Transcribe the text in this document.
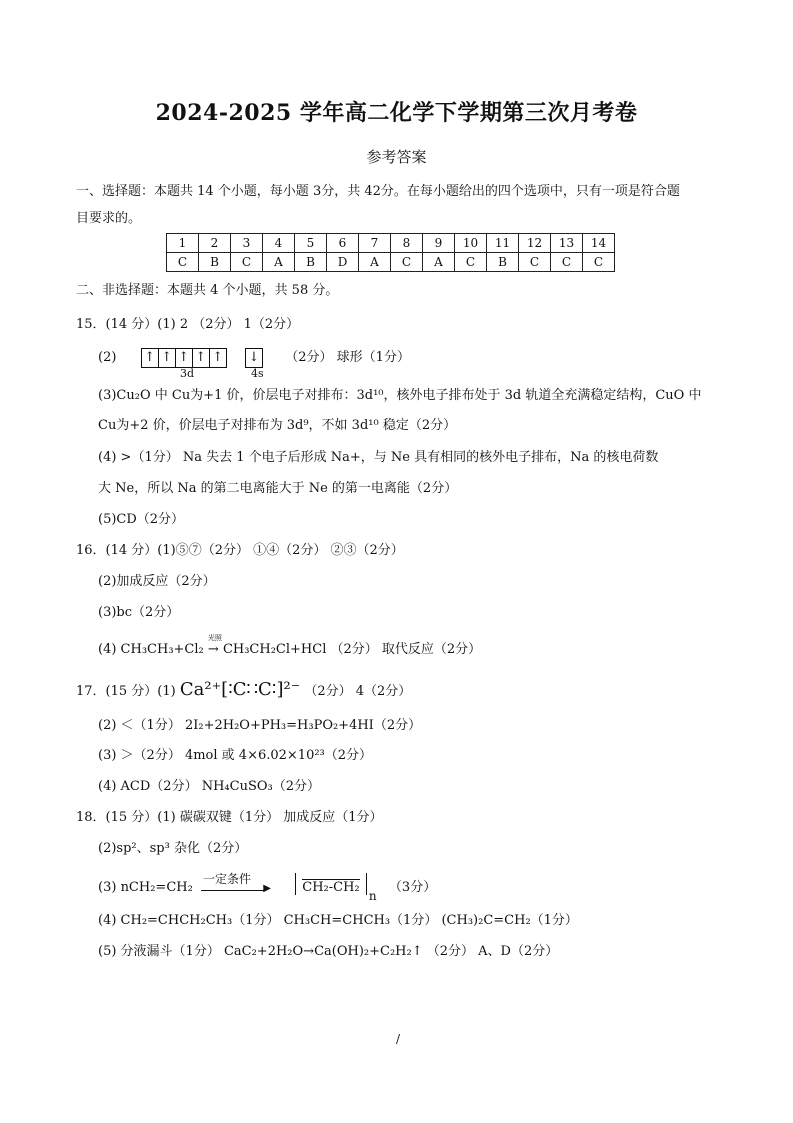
2024-2025 学年高二化学下学期第三次月考卷
参考答案
一、选择题：本题共 14 个小题，每小题 3分，共 42分。在每小题给出的四个选项中，只有一项是符合题
目要求的。
1	2	3	4	5	6	7	8	9	10	11	12	13	14
C	B	C	A	B	D	A	C	A	C	B	C	C	C
二、非选择题：本题共 4 个小题，共 58 分。
15．(14 分）(1) 2 （2分） 1（2分）
(2) ↑ ↑ ↑ ↑ ↑
↓ （2分） 球形（1分）
3d	4s
(3)Cu₂O 中 Cu为+1 价，价层电子对排布：3d¹⁰，核外电子排布处于 3d 轨道全充满稳定结构，CuO 中
Cu为+2 价，价层电子对排布为 3d⁹，不如 3d¹⁰ 稳定（2分）
(4) >（1分） Na 失去 1 个电子后形成 Na+，与 Ne 具有相同的核外电子排布，Na 的核电荷数
大 Ne，所以 Na 的第二电离能大于 Ne 的第一电离能（2分）
(5)CD（2分）
16．(14 分）(1)⑤⑦（2分） ①④（2分） ②③（2分）
(2)加成反应（2分）
(3)bc（2分）
(4) CH₃CH₃+Cl₂
光照
→ CH₃CH₂Cl+HCl （2分） 取代反应（2分）
17．(15 分）(1) Ca²⁺[∶C∷C∶]²⁻ （2分） 4（2分）
(2) ＜（1分） 2I₂+2H₂O+PH₃=H₃PO₂+4HI（2分）
(3) ＞（2分） 4mol 或 4×6.02×10²³（2分）
(4) ACD（2分） NH₄CuSO₃（2分）
18．(15 分）(1) 碳碳双键（1分） 加成反应（1分）
(2)sp²、sp³ 杂化（2分）
(3) nCH₂=CH₂
一定条件
▶ CH₂-CH₂
n
（3分）
(4) CH₂=CHCH₂CH₃（1分） CH₃CH=CHCH₃（1分） (CH₃)₂C=CH₂（1分）
(5) 分液漏斗（1分） CaC₂+2H₂O→Ca(OH)₂+C₂H₂↑ （2分） A、D（2分）
/
